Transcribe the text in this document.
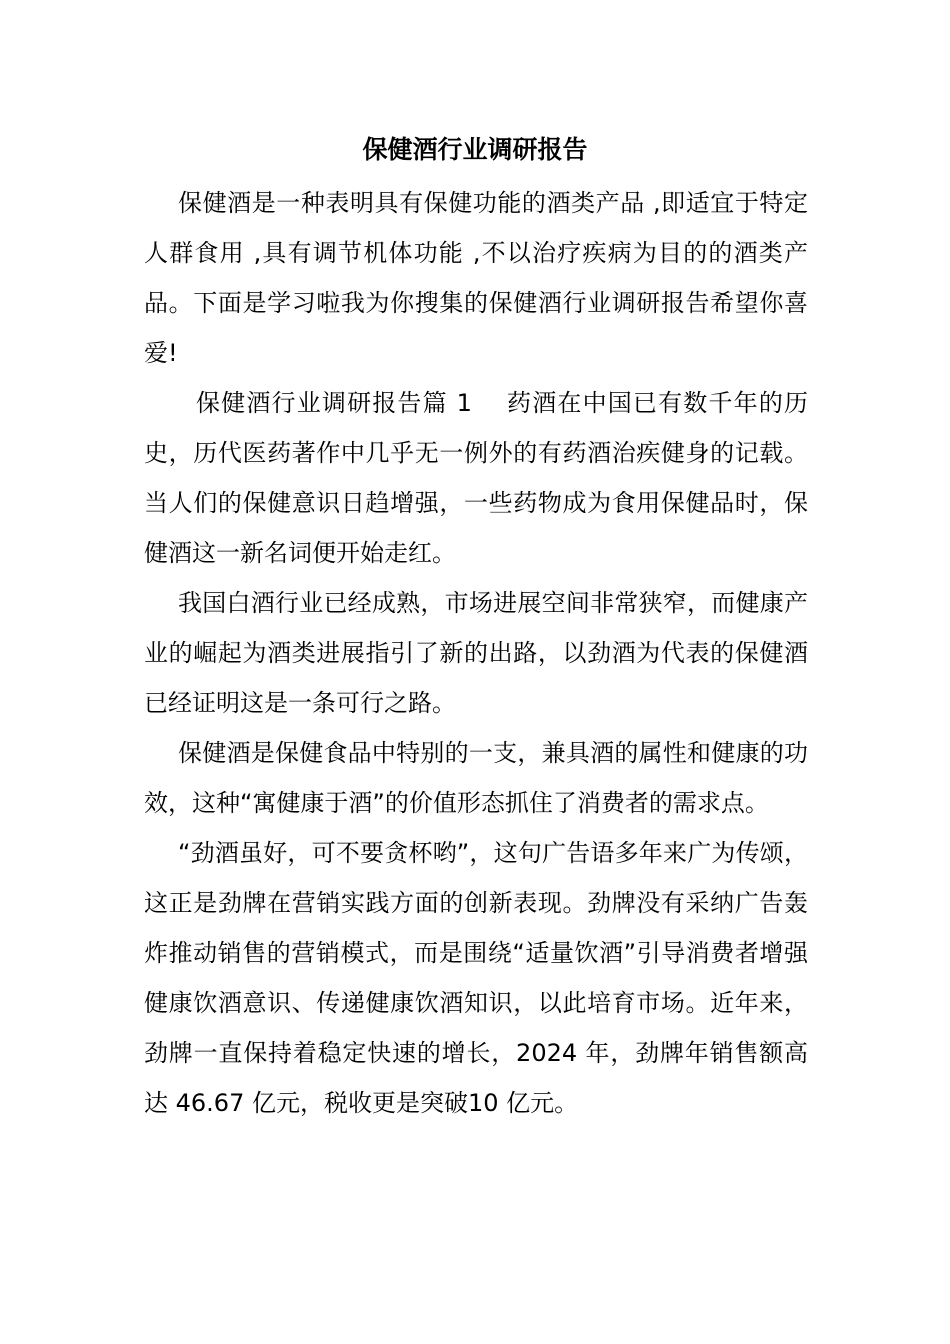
保健酒行业调研报告

保健酒是一种表明具有保健功能的酒类产品 ,即适宜于特定人群食用 ,具有调节机体功能 ,不以治疗疾病为目的的酒类产品。下面是学习啦我为你搜集的保健酒行业调研报告希望你喜爱!

保健酒行业调研报告篇 1　 药酒在中国已有数千年的历史，历代医药著作中几乎无一例外的有药酒治疾健身的记载。当人们的保健意识日趋增强，一些药物成为食用保健品时，保健酒这一新名词便开始走红。

我国白酒行业已经成熟，市场进展空间非常狭窄，而健康产业的崛起为酒类进展指引了新的出路，以劲酒为代表的保健酒已经证明这是一条可行之路。

保健酒是保健食品中特别的一支，兼具酒的属性和健康的功效，这种“寓健康于酒”的价值形态抓住了消费者的需求点。

“劲酒虽好，可不要贪杯哟”，这句广告语多年来广为传颂，这正是劲牌在营销实践方面的创新表现。劲牌没有采纳广告轰炸推动销售的营销模式，而是围绕“适量饮酒”引导消费者增强健康饮酒意识、传递健康饮酒知识，以此培育市场。近年来，劲牌一直保持着稳定快速的增长，2024 年，劲牌年销售额高达 46.67 亿元，税收更是突破10 亿元。
